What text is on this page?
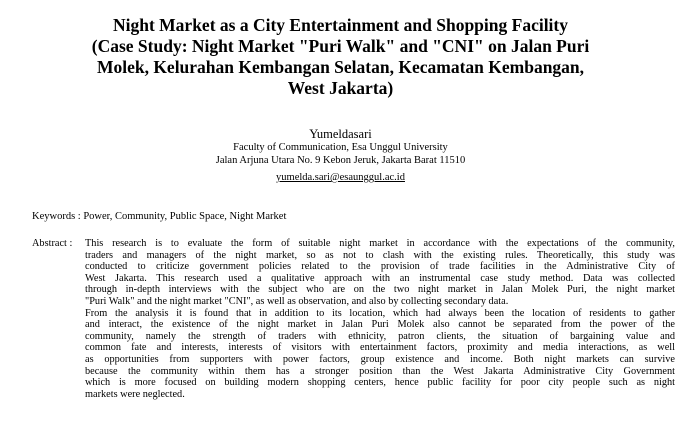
Night Market as a City Entertainment and Shopping Facility
(Case Study: Night Market "Puri Walk" and "CNI" on Jalan Puri
Molek, Kelurahan Kembangan Selatan, Kecamatan Kembangan,
West Jakarta)
Yumeldasari
Faculty of Communication, Esa Unggul University
Jalan Arjuna Utara No. 9 Kebon Jeruk, Jakarta Barat 11510
yumelda.sari@esaunggul.ac.id
Keywords : Power, Community, Public Space, Night Market
Abstract : This research is to evaluate the form of suitable night market in accordance with the expectations of the community,
traders and managers of the night market, so as not to clash with the existing rules. Theoretically, this study was
conducted to criticize government policies related to the provision of trade facilities in the Administrative City of
West Jakarta. This research used a qualitative approach with an instrumental case study method. Data was collected
through in-depth interviews with the subject who are on the two night market in Jalan Molek Puri, the night market
"Puri Walk" and the night market "CNI", as well as observation, and also by collecting secondary data.
From the analysis it is found that in addition to its location, which had always been the location of residents to gather
and interact, the existence of the night market in Jalan Puri Molek also cannot be separated from the power of the
community, namely the strength of traders with ethnicity, patron clients, the situation of bargaining value and
common fate and interests, interests of visitors with entertainment factors, proximity and media interactions, as well
as opportunities from supporters with power factors, group existence and income. Both night markets can survive
because the community within them has a stronger position than the West Jakarta Administrative City Government
which is more focused on building modern shopping centers, hence public facility for poor city people such as night
markets were neglected.
